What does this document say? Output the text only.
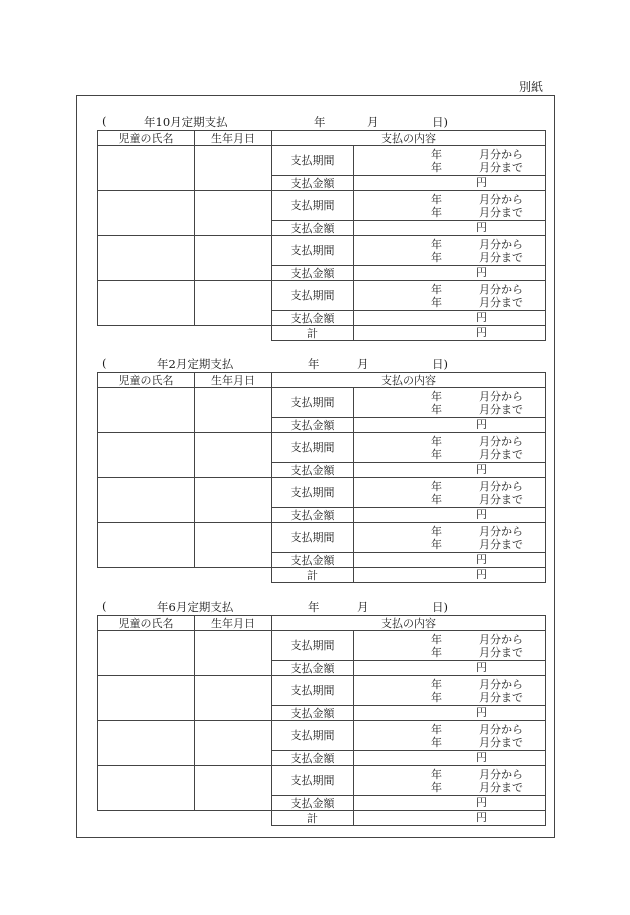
別紙
(	年10月定期支払	年	月	日)
児童の氏名	生年月日	支払の内容	
		支払期間	年 月分から
年 月分まで

		支払金額	円

		支払期間	年 月分から
年 月分まで

		支払金額	円

		支払期間	年 月分から
年 月分まで

		支払金額	円

		支払期間	年 月分から
年 月分まで

		支払金額	円

		計	円
(	年2月定期支払	年	月	日)
児童の氏名	生年月日	支払の内容	
		支払期間	年 月分から
年 月分まで

		支払金額	円

		支払期間	年 月分から
年 月分まで

		支払金額	円

		支払期間	年 月分から
年 月分まで

		支払金額	円

		支払期間	年 月分から
年 月分まで

		支払金額	円

		計	円
(	年6月定期支払	年	月	日)
児童の氏名	生年月日	支払の内容	
		支払期間	年 月分から
年 月分まで

		支払金額	円

		支払期間	年 月分から
年 月分まで

		支払金額	円

		支払期間	年 月分から
年 月分まで

		支払金額	円

		支払期間	年 月分から
年 月分まで

		支払金額	円

		計	円
